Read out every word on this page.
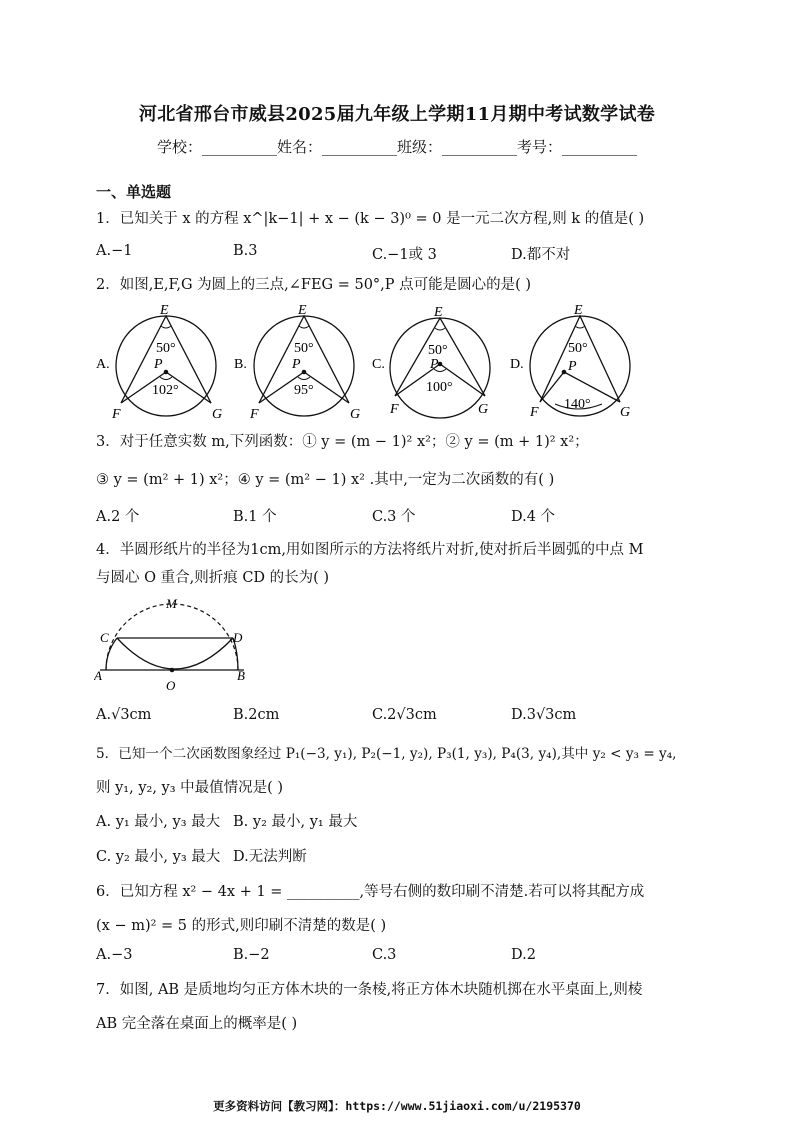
河北省邢台市威县2025届九年级上学期11月期中考试数学试卷
学校：__________姓名：__________班级：__________考号：__________
一、单选题
1．已知关于 x 的方程 x^|k−1| + x − (k − 3)⁰ = 0 是一元二次方程,则 k 的值是( )
A.−1	B.3	C.−1或 3	D.都不对
2．如图,E,F,G 为圆上的三点,∠FEG = 50°,P 点可能是圆心的是( )
A.
E
50°
P
102°
F	G
B.
E
50°
P
95°
F	G
C.
E
50°
P
100°
F	G
D.
E
50°
P
140°
F	G
3．对于任意实数 m,下列函数：① y = (m − 1)² x²；② y = (m + 1)² x²；
③ y = (m² + 1) x²；④ y = (m² − 1) x² .其中,一定为二次函数的有( )
A.2 个	B.1 个	C.3 个	D.4 个
4．半圆形纸片的半径为1cm,用如图所示的方法将纸片对折,使对折后半圆弧的中点 M
与圆心 O 重合,则折痕 CD 的长为( )
M
C	D
A	B
O
A.√3cm	B.2cm	C.2√3cm	D.3√3cm
5．已知一个二次函数图象经过 P₁(−3, y₁), P₂(−1, y₂), P₃(1, y₃), P₄(3, y₄),其中 y₂ < y₃ = y₄,
则 y₁, y₂, y₃ 中最值情况是( )
A. y₁ 最小, y₃ 最大 B. y₂ 最小, y₁ 最大
C. y₂ 最小, y₃ 最大 D.无法判断
6．已知方程 x² − 4x + 1 = __________,等号右侧的数印刷不清楚.若可以将其配方成
(x − m)² = 5 的形式,则印刷不清楚的数是( )
A.−3	B.−2	C.3	D.2
7．如图, AB 是质地均匀正方体木块的一条棱,将正方体木块随机掷在水平桌面上,则棱
AB 完全落在桌面上的概率是( )
更多资料访问【教习网】：https://www.51jiaoxi.com/u/2195370
